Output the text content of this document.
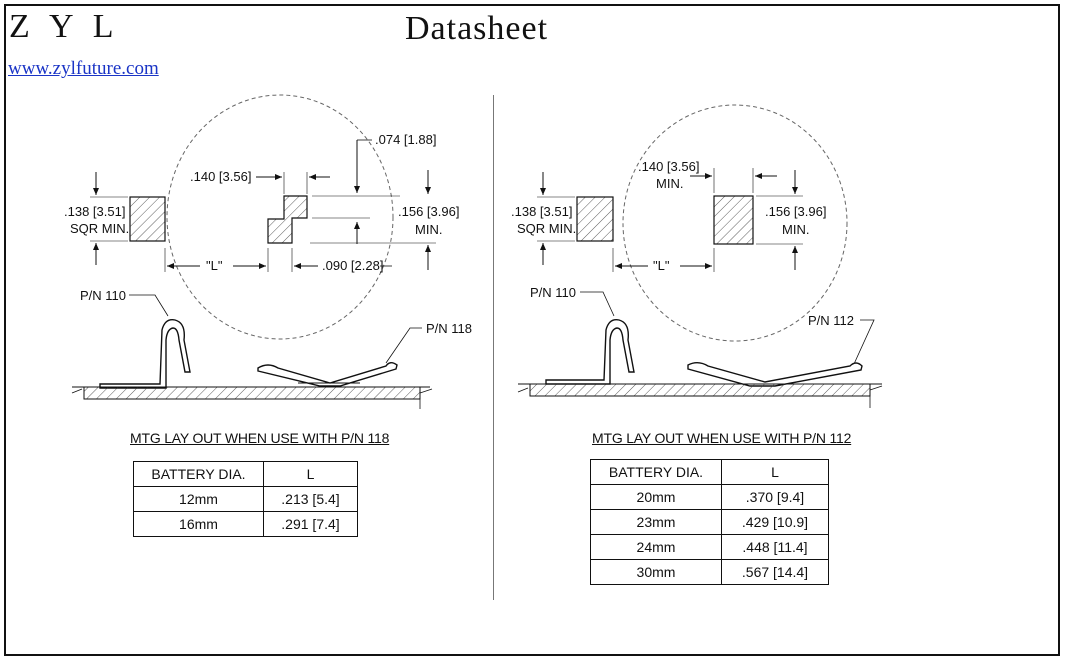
Z Y L	Datasheet
www.zylfuture.com
.138 [3.51]
SQR MIN.
.074 [1.88]
.140 [3.56]
.156 [3.96]
MIN.
"L"	.090 [2.28]
P/N 110
P/N 118
.138 [3.51]
SQR MIN.
.140 [3.56]
MIN.
.156 [3.96]
MIN.
"L"
P/N 110
P/N 112
MTG LAY OUT WHEN USE WITH P/N 118
BATTERY DIA.	L
12mm	.213 [5.4]
16mm	.291 [7.4]
MTG LAY OUT WHEN USE WITH P/N 112
BATTERY DIA.	L
20mm	.370 [9.4]
23mm	.429 [10.9]
24mm	.448 [11.4]
30mm	.567 [14.4]
